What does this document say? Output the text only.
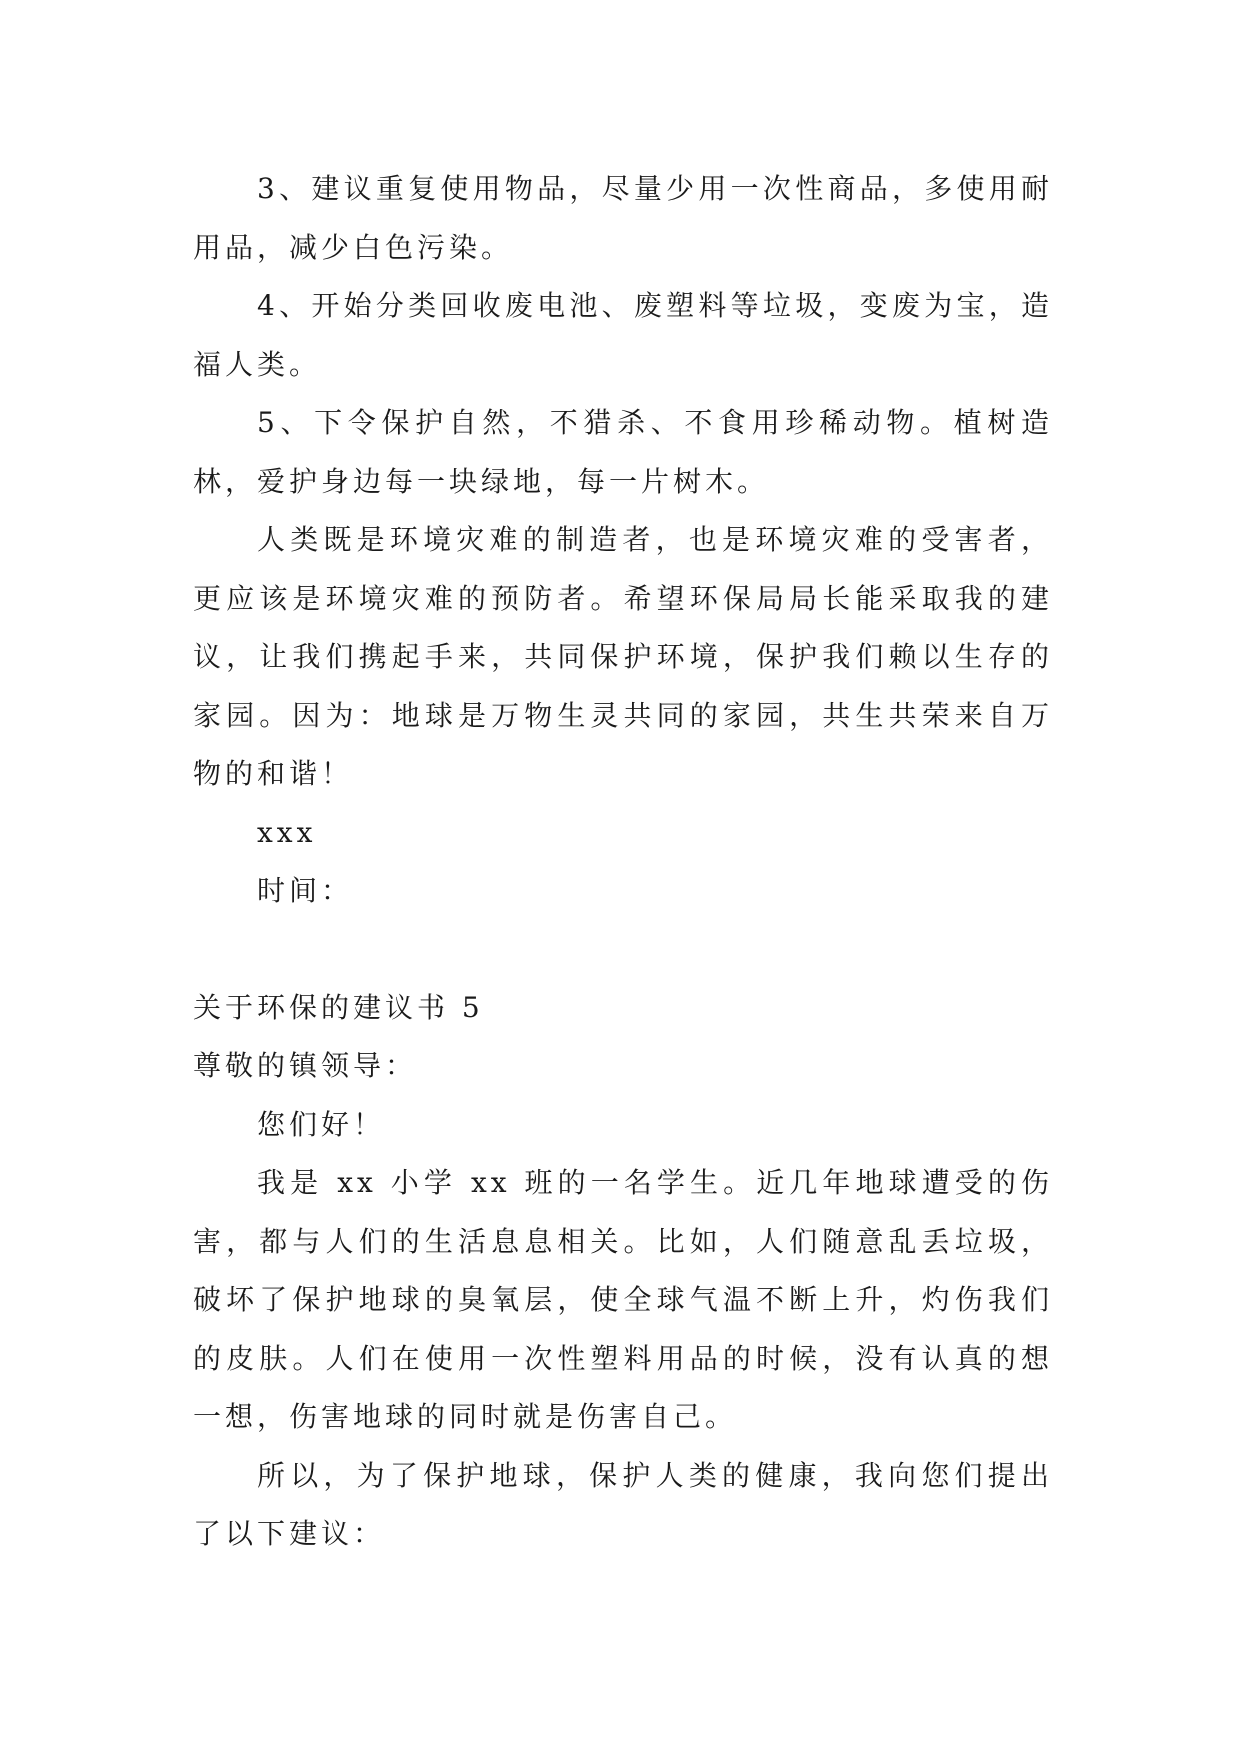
3、建议重复使用物品，尽量少用一次性商品，多使用耐用品，减少白色污染。

4、开始分类回收废电池、废塑料等垃圾，变废为宝，造福人类。

5、下令保护自然，不猎杀、不食用珍稀动物。植树造林，爱护身边每一块绿地，每一片树木。

人类既是环境灾难的制造者，也是环境灾难的受害者，更应该是环境灾难的预防者。希望环保局局长能采取我的建议，让我们携起手来，共同保护环境，保护我们赖以生存的家园。因为：地球是万物生灵共同的家园，共生共荣来自万物的和谐！

xxx

时间：

关于环保的建议书 5

尊敬的镇领导：

您们好！

我是 xx 小学 xx 班的一名学生。近几年地球遭受的伤害，都与人们的生活息息相关。比如，人们随意乱丢垃圾，破坏了保护地球的臭氧层，使全球气温不断上升，灼伤我们的皮肤。人们在使用一次性塑料用品的时候，没有认真的想一想，伤害地球的同时就是伤害自己。

所以，为了保护地球，保护人类的健康，我向您们提出了以下建议：
